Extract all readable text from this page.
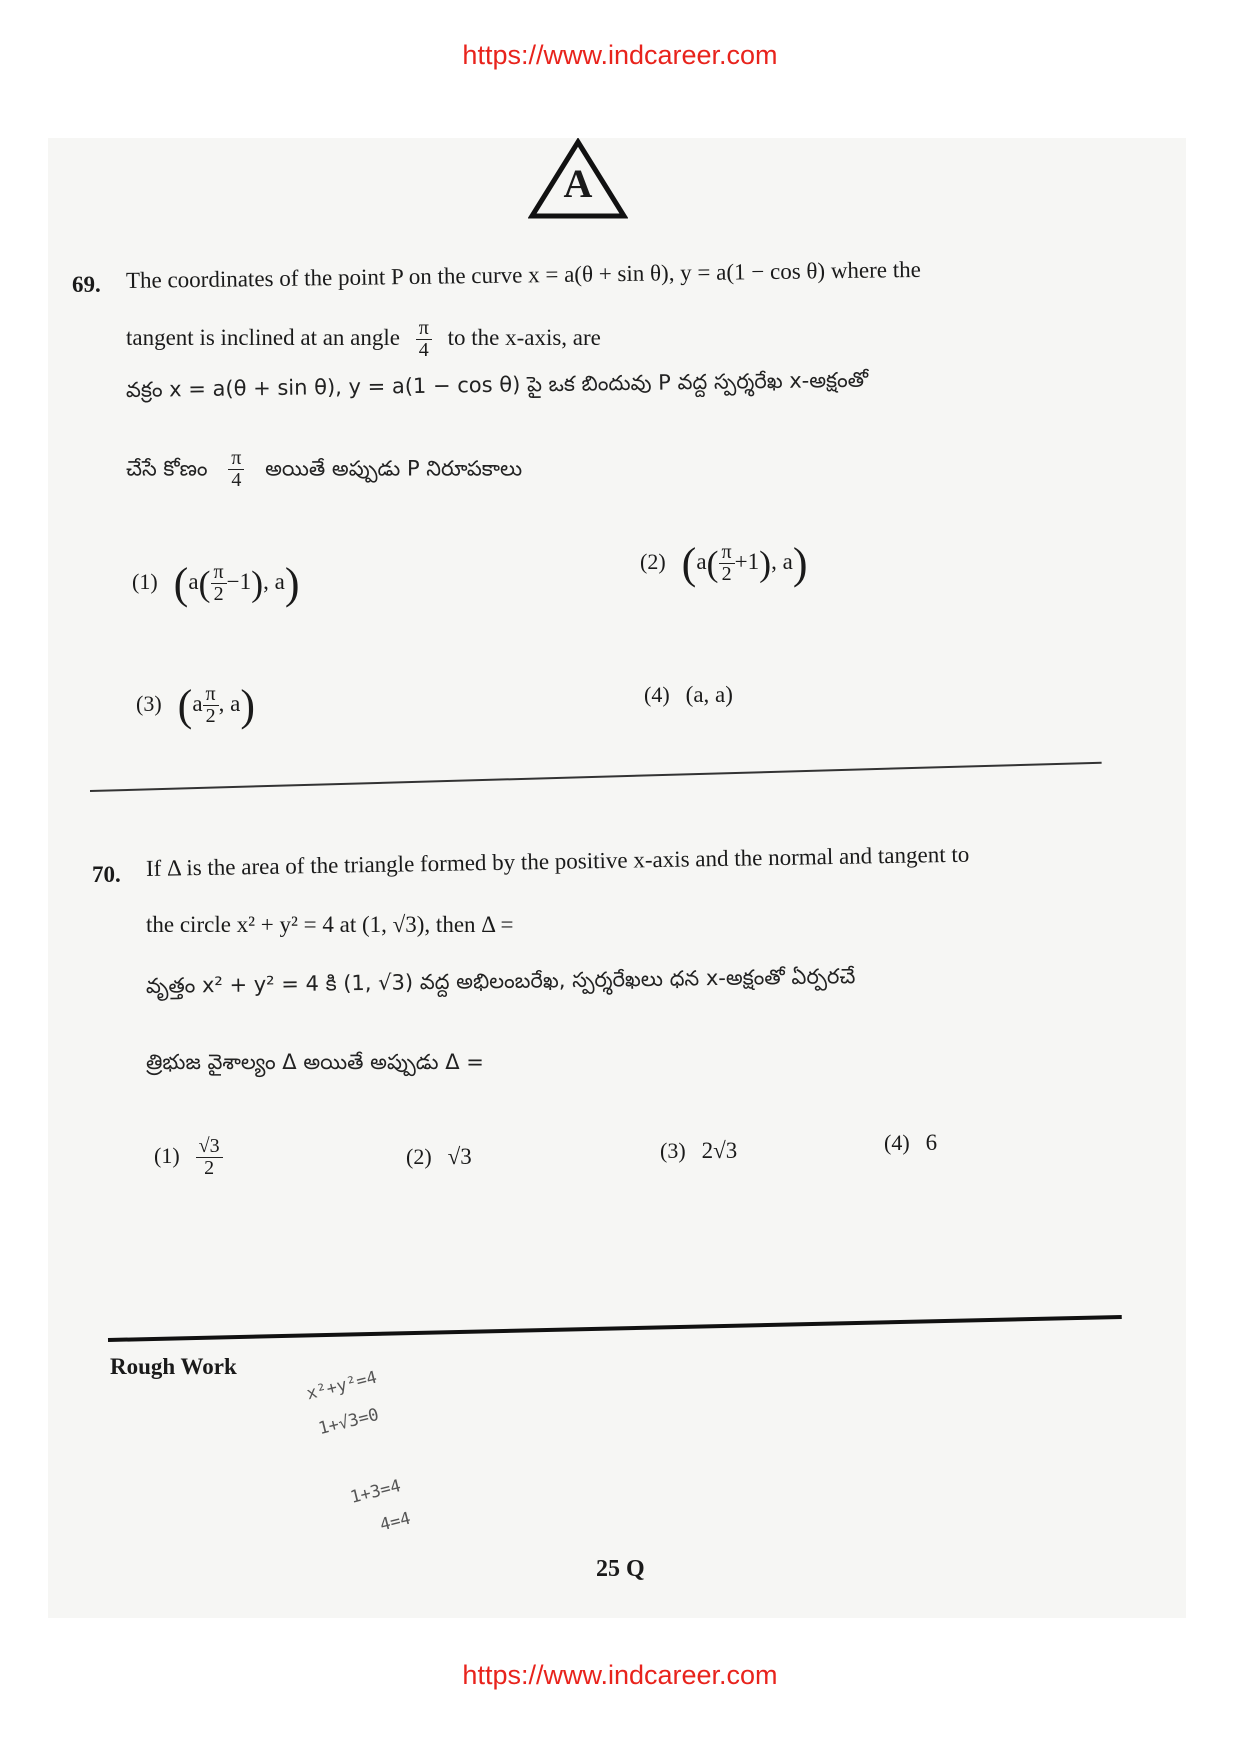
https://www.indcareer.com
A
69. The coordinates of the point P on the curve x = a(θ + sin θ), y = a(1 − cos θ) where the
tangent is inclined at an angle $\frac{\pi}{4}$ to the x-axis, are
వక్రం x = a(θ + sin θ), y = a(1 − cos θ) పై ఒక బిందువు P వద్ద స్పర్శరేఖ x-అక్షంతో
చేసే కోణం $\frac{\pi}{4}$ అయితే అప్పుడు P నిరూపకాలు
(1) ($a( \frac{\pi}{2} -1)$, a)	(2) ($a( \frac{\pi}{2} +1)$, a)
(3) ($a \frac{\pi}{2}$ , a)	(4) (a, a)
70. If Δ is the area of the triangle formed by the positive x-axis and the normal and tangent to
the circle x² + y² = 4 at (1, √3), then Δ =
వృత్తం x² + y² = 4 కి (1, √3) వద్ద అభిలంబరేఖ, స్పర్శరేఖలు ధన x-అక్షంతో ఏర్పరచే
త్రిభుజ వైశాల్యం Δ అయితే అప్పుడు Δ =
$(1) \frac{√3}{2}$	(2) √3	(3) 2√3	(4) 6
Rough Work
x²+y²=4
1+√3=0
1+3=4
4=4
25 Q
https://www.indcareer.com
